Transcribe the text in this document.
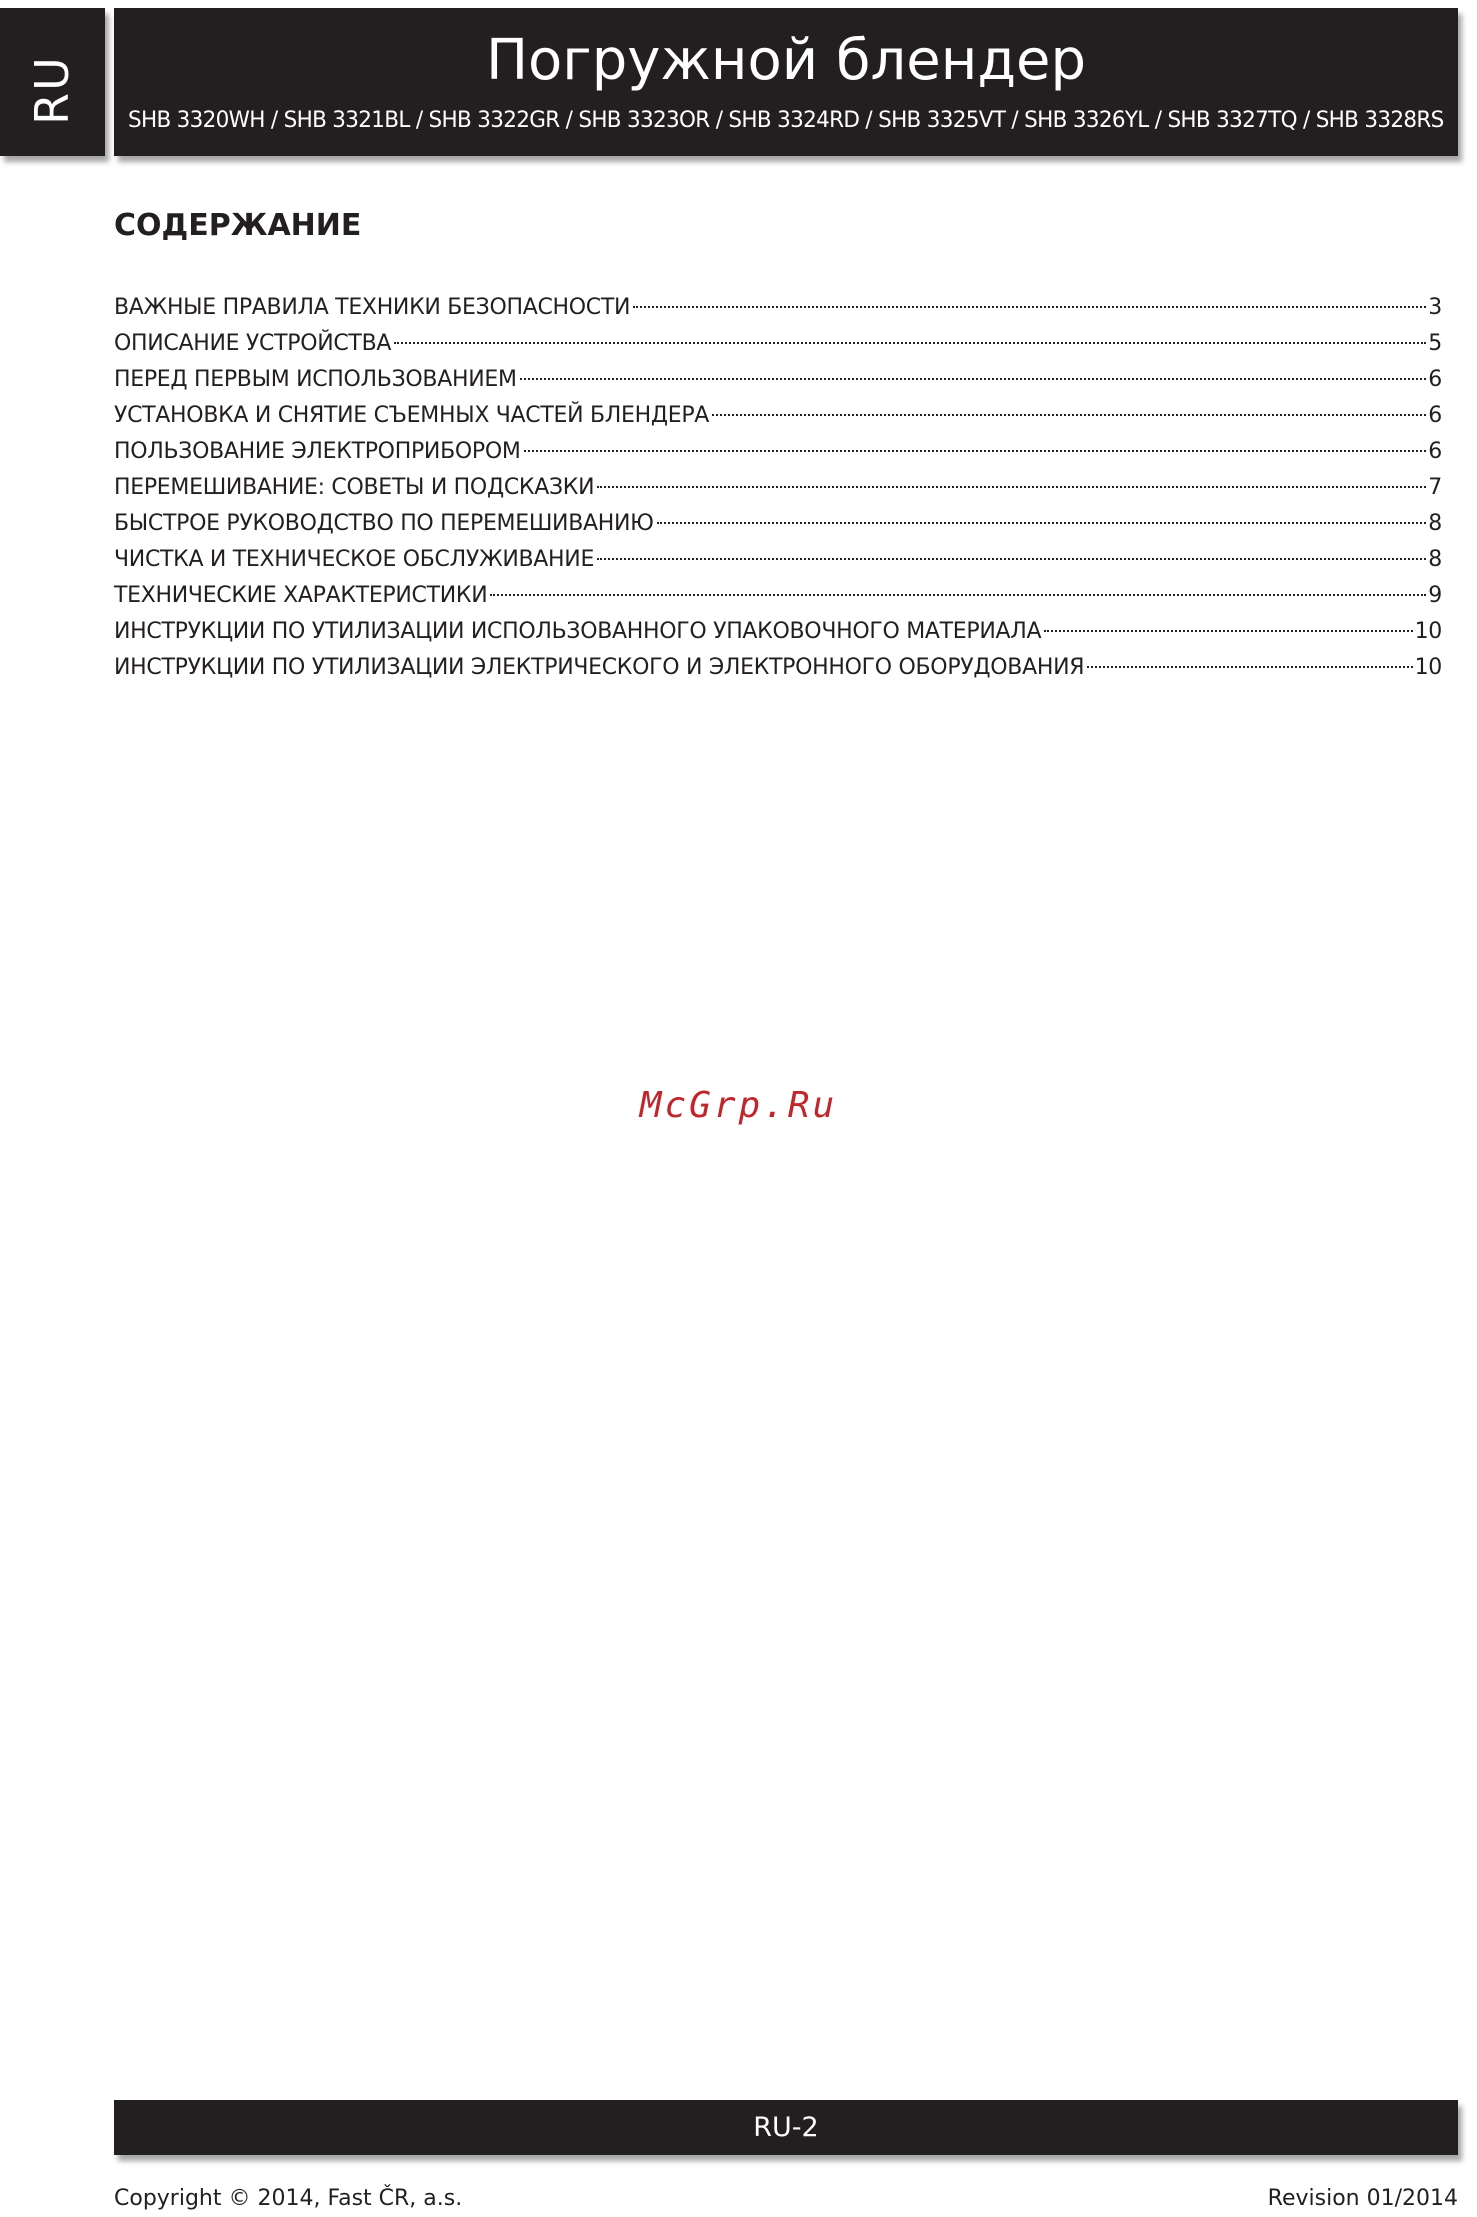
RU	Погружной блендер
SHB 3320WH / SHB 3321BL / SHB 3322GR / SHB 3323OR / SHB 3324RD / SHB 3325VT / SHB 3326YL / SHB 3327TQ / SHB 3328RS
СОДЕРЖАНИЕ
ВАЖНЫЕ ПРАВИЛА ТЕХНИКИ БЕЗОПАСНОСТИ	3
ОПИСАНИЕ УСТРОЙСТВА	5
ПЕРЕД ПЕРВЫМ ИСПОЛЬЗОВАНИЕМ	6
УСТАНОВКА И СНЯТИЕ СЪЕМНЫХ ЧАСТЕЙ БЛЕНДЕРА	6
ПОЛЬЗОВАНИЕ ЭЛЕКТРОПРИБОРОМ	6
ПЕРЕМЕШИВАНИЕ: СОВЕТЫ И ПОДСКАЗКИ	7
БЫСТРОЕ РУКОВОДСТВО ПО ПЕРЕМЕШИВАНИЮ	8
ЧИСТКА И ТЕХНИЧЕСКОЕ ОБСЛУЖИВАНИЕ	8
ТЕХНИЧЕСКИЕ ХАРАКТЕРИСТИКИ	9
ИНСТРУКЦИИ ПО УТИЛИЗАЦИИ ИСПОЛЬЗОВАННОГО УПАКОВОЧНОГО МАТЕРИАЛА	10
ИНСТРУКЦИИ ПО УТИЛИЗАЦИИ ЭЛЕКТРИЧЕСКОГО И ЭЛЕКТРОННОГО ОБОРУДОВАНИЯ	10
McGrp.Ru
RU-2
Copyright © 2014, Fast ČR, a.s.	Revision 01/2014
